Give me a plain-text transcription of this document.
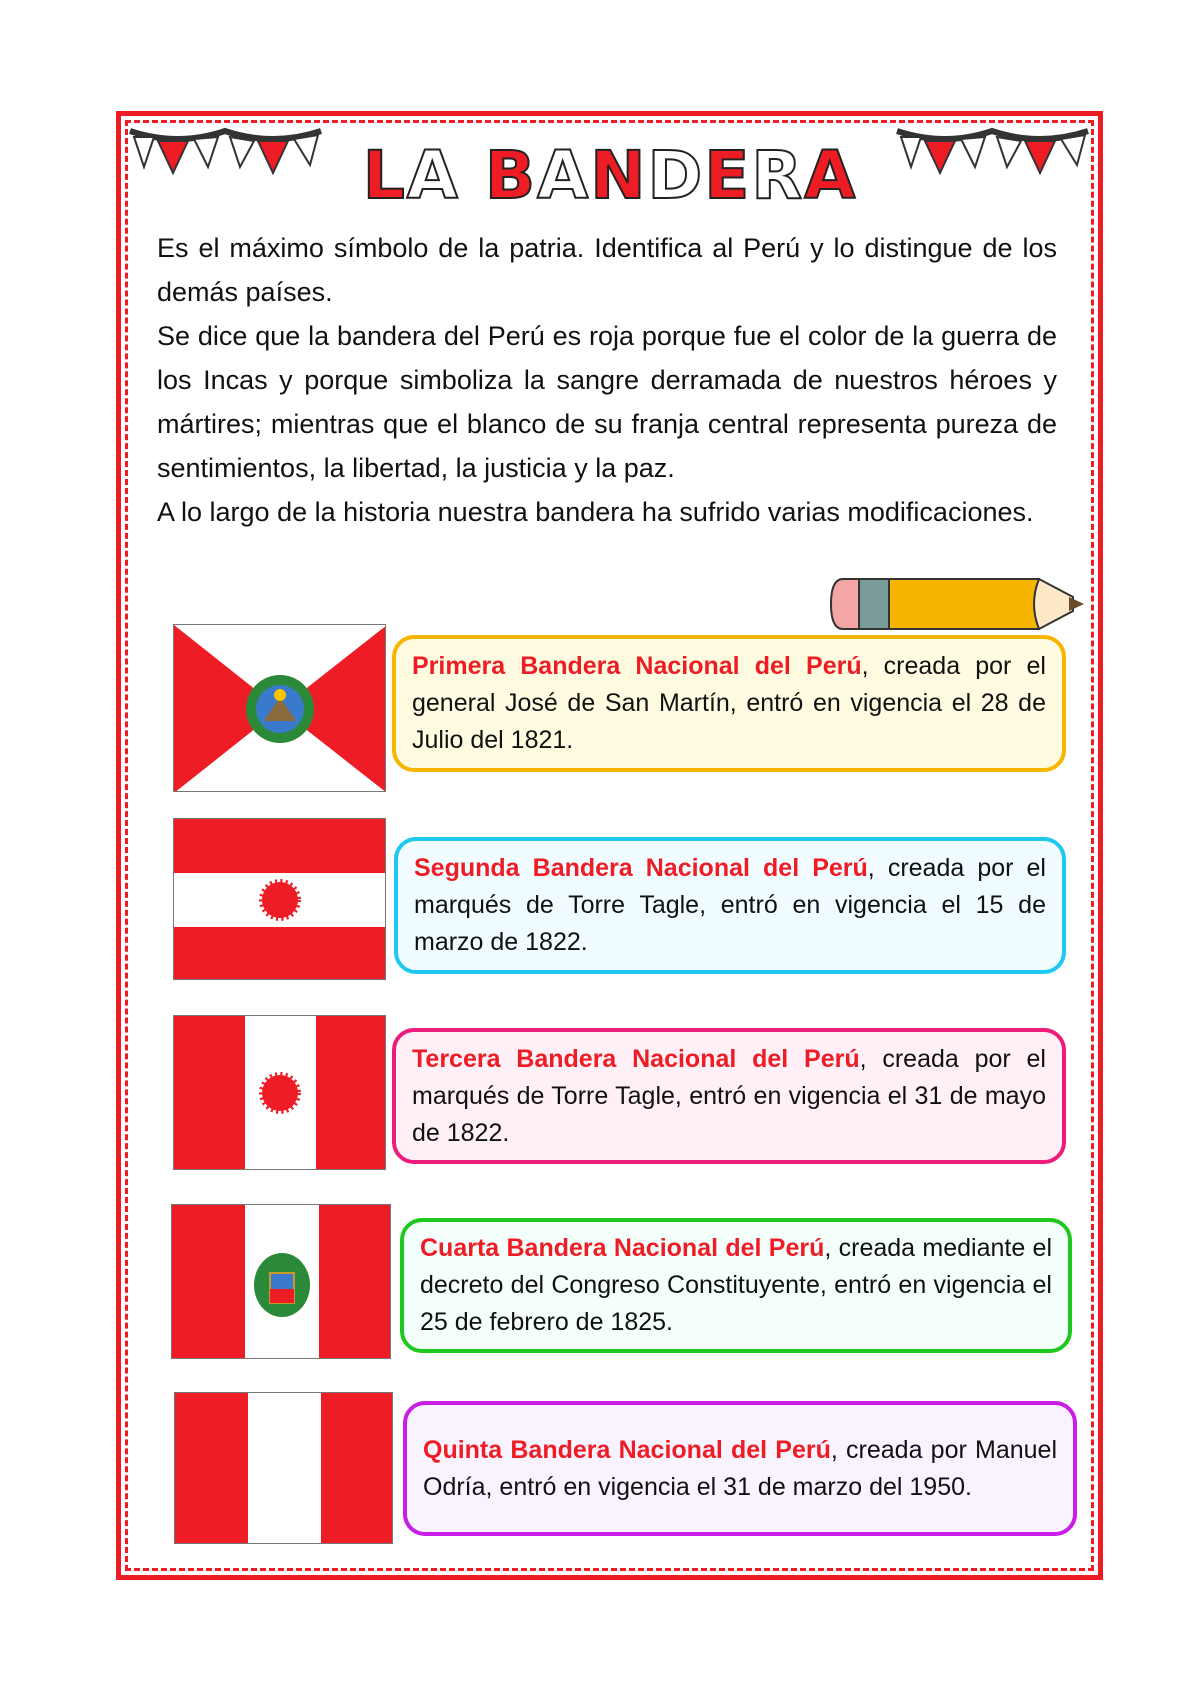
LA BANDERA

Es el máximo símbolo de la patria. Identifica al Perú y lo distingue de los demás países.

Se dice que la bandera del Perú es roja porque fue el color de la guerra de los Incas y porque simboliza la sangre derramada de nuestros héroes y mártires; mientras que el blanco de su franja central representa pureza de sentimientos, la libertad, la justicia y la paz.

A lo largo de la historia nuestra bandera ha sufrido varias modificaciones.

Primera Bandera Nacional del Perú, creada por el general José de San Martín, entró en vigencia el 28 de Julio del 1821.
Segunda Bandera Nacional del Perú, creada por el marqués de Torre Tagle, entró en vigencia el 15 de marzo de 1822.
Tercera Bandera Nacional del Perú, creada por el marqués de Torre Tagle, entró en vigencia el 31 de mayo de 1822.
Cuarta Bandera Nacional del Perú, creada mediante el decreto del Congreso Constituyente, entró en vigencia el 25 de febrero de 1825.
Quinta Bandera Nacional del Perú, creada por Manuel Odría, entró en vigencia el 31 de marzo del 1950.
